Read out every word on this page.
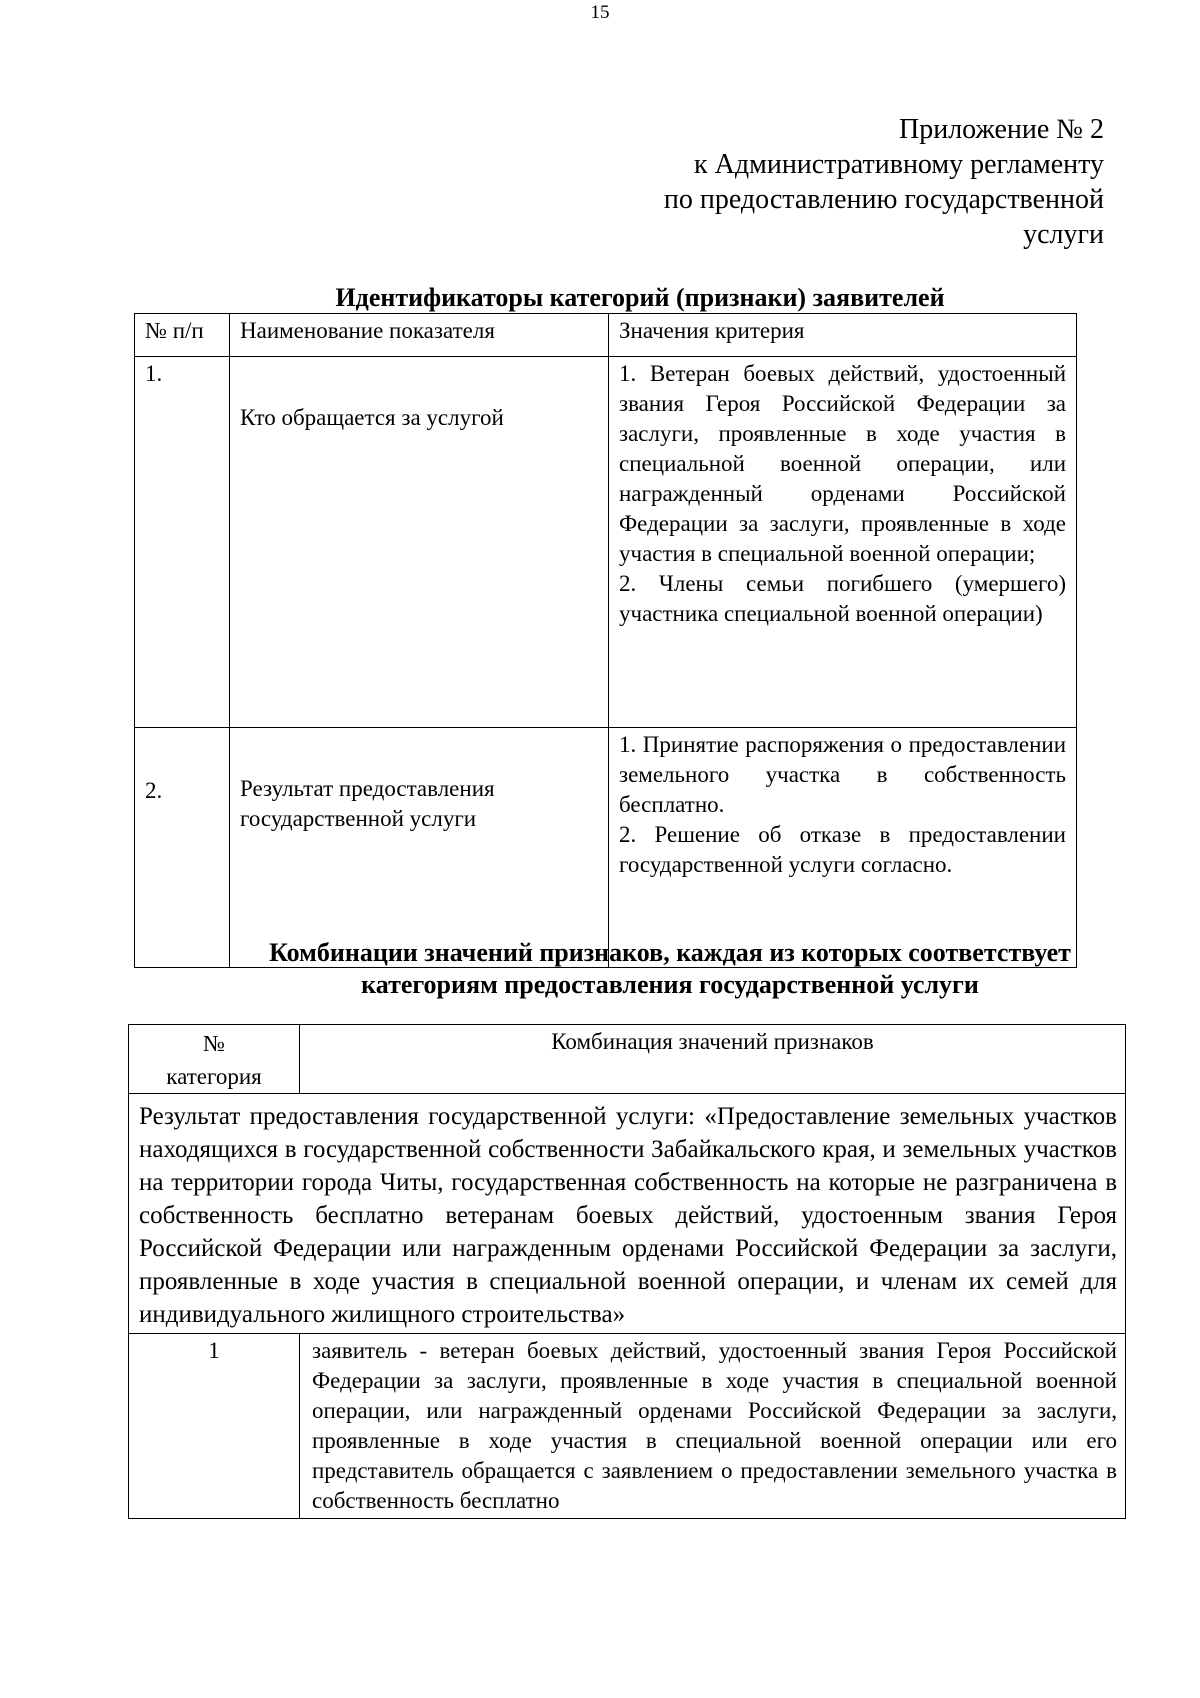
15
Приложение № 2
к Административному регламенту
по предоставлению государственной
услуги
Идентификаторы категорий (признаки) заявителей
№ п/п	Наименование показателя	Значения критерия
1.	Кто обращается за услугой	1. Ветеран боевых действий, удостоенный звания Героя Российской Федерации за заслуги, проявленные в ходе участия в специальной военной операции, или награжденный орденами Российской Федерации за заслуги, проявленные в ходе участия в специальной военной операции;
2. Члены семьи погибшего (умершего) участника специальной военной операции)

2.	Результат предоставления государственной услуги	1. Принятие распоряжения о предоставлении земельного участка в собственность бесплатно.
2. Решение об отказе в предоставлении государственной услуги согласно.
Комбинации значений признаков, каждая из которых соответствует
категориям предоставления государственной услуги
№
категория	Комбинация значений признаков
Результат предоставления государственной услуги: «Предоставление земельных участков находящихся в государственной собственности Забайкальского края, и земельных участков на территории города Читы, государственная собственность на которые не разграничена в собственность бесплатно ветеранам боевых действий, удостоенным звания Героя Российской Федерации или награжденным орденами Российской Федерации за заслуги, проявленные в ходе участия в специальной военной операции, и членам их семей для индивидуального жилищного строительства»	
1	заявитель - ветеран боевых действий, удостоенный звания Героя Российской Федерации за заслуги, проявленные в ходе участия в специальной военной операции, или награжденный орденами Российской Федерации за заслуги, проявленные в ходе участия в специальной военной операции или его представитель обращается с заявлением о предоставлении земельного участка в собственность бесплатно
